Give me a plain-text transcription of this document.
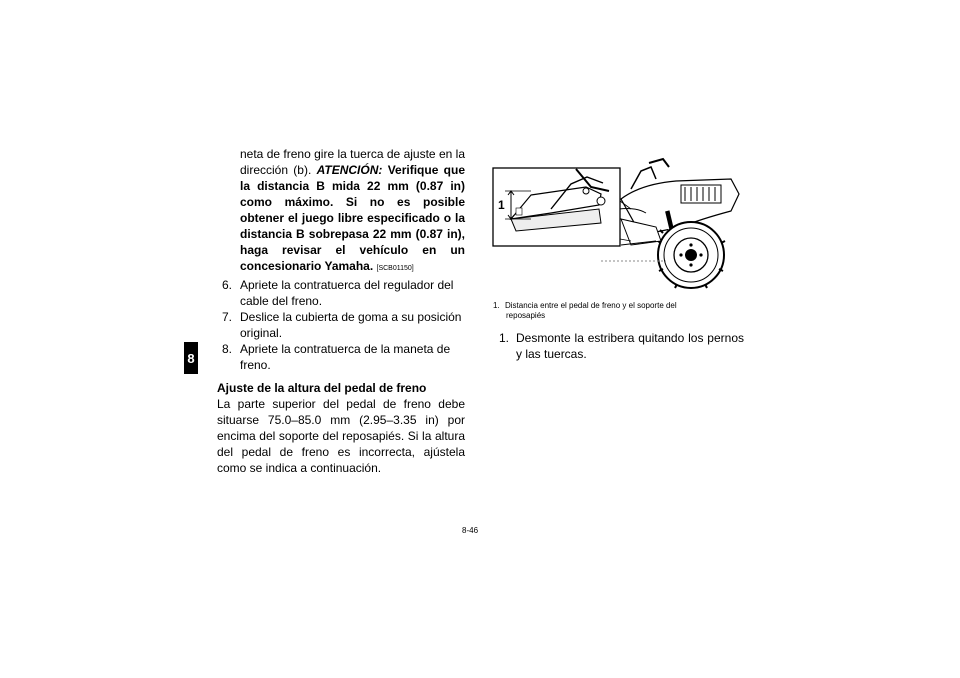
8

neta de freno gire la tuerca de ajuste en la dirección (b). ATENCIÓN: Verifique que la distancia B mida 22 mm (0.87 in) como máximo. Si no es posible obtener el juego libre especificado o la distancia B sobrepasa 22 mm (0.87 in), haga revisar el vehículo en un concesionario Yamaha. [SCB01150]

6. Apriete la contratuerca del regulador del cable del freno.
7. Deslice la cubierta de goma a su posición original.
8. Apriete la contratuerca de la maneta de freno.

Ajuste de la altura del pedal de freno

La parte superior del pedal de freno debe situarse 75.0–85.0 mm (2.95–3.35 in) por encima del soporte del reposapiés. Si la altura del pedal de freno es incorrecta, ajústela como se indica a continuación.

1
1. Distancia entre el pedal de freno y el soporte del
reposapiés
1. Desmonte la estribera quitando los pernos y las tuercas.
8-46
